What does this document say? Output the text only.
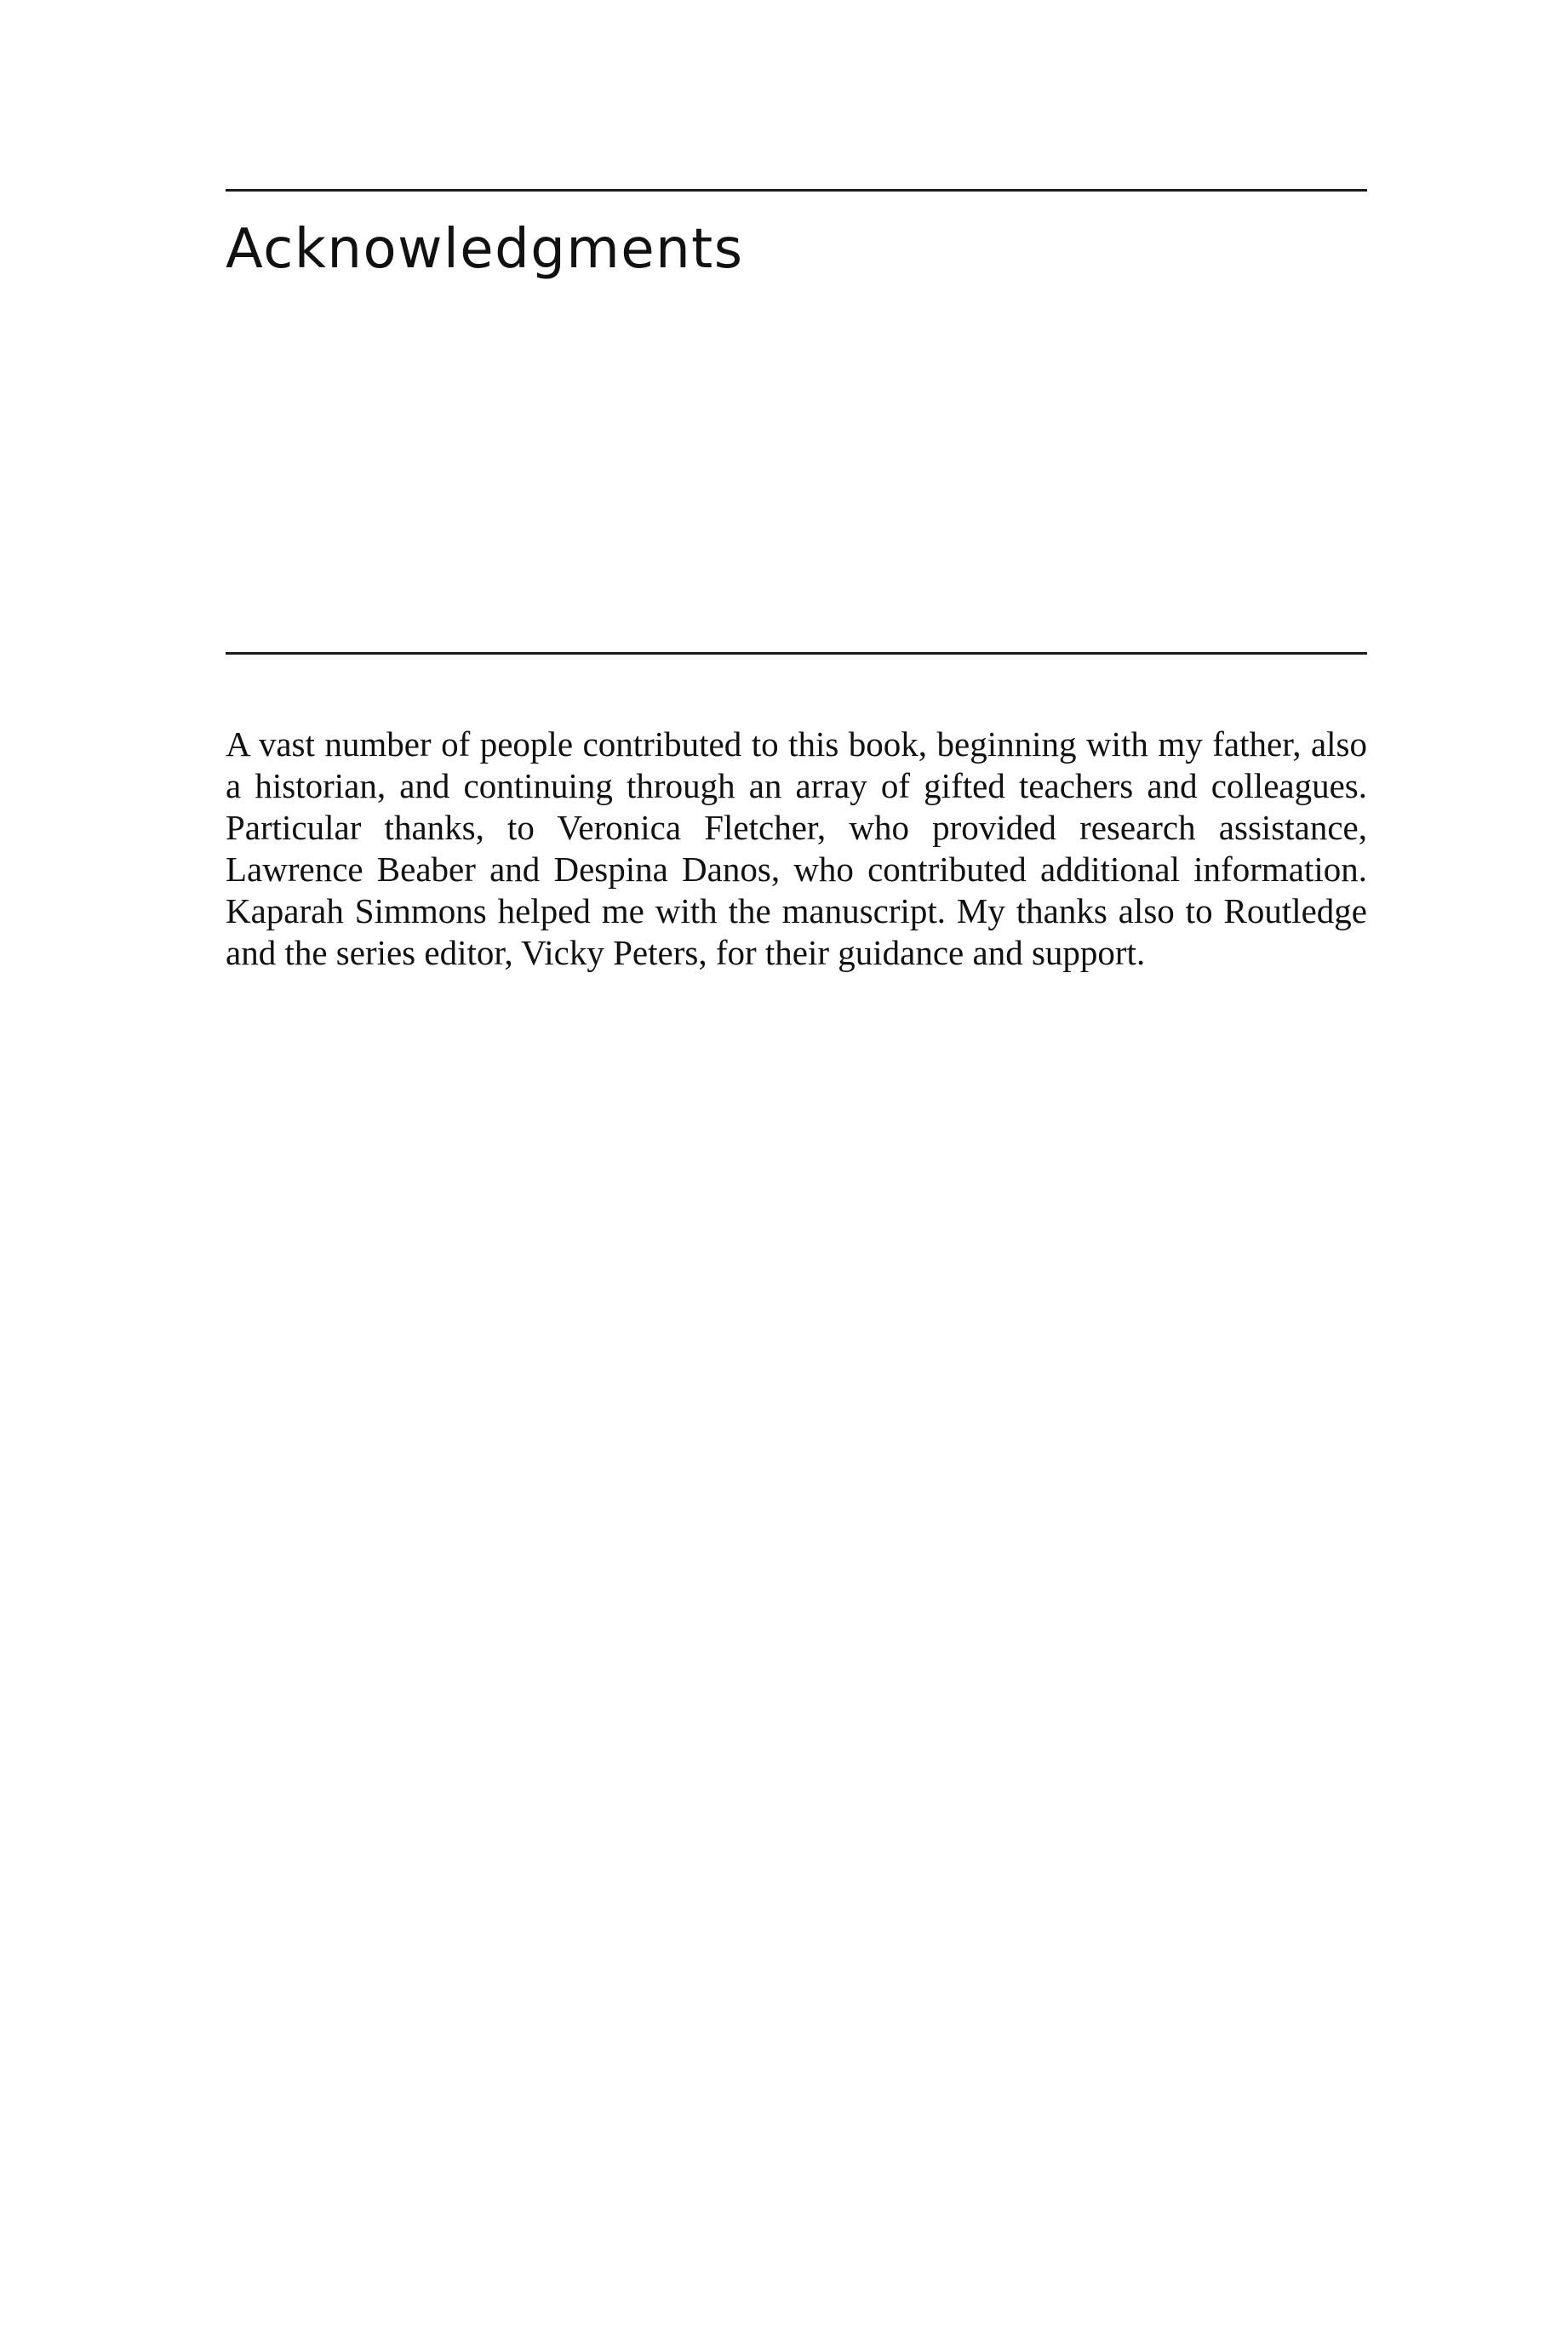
Acknowledgments

A vast number of people contributed to this book, beginning with my father, also a historian, and continuing through an array of gifted teachers and colleagues. Particular thanks, to Veronica Fletcher, who provided research assistance, Lawrence Beaber and Despina Danos, who contributed additional information. Kaparah Simmons helped me with the manuscript. My thanks also to Routledge and the series editor, Vicky Peters, for their guidance and support.
